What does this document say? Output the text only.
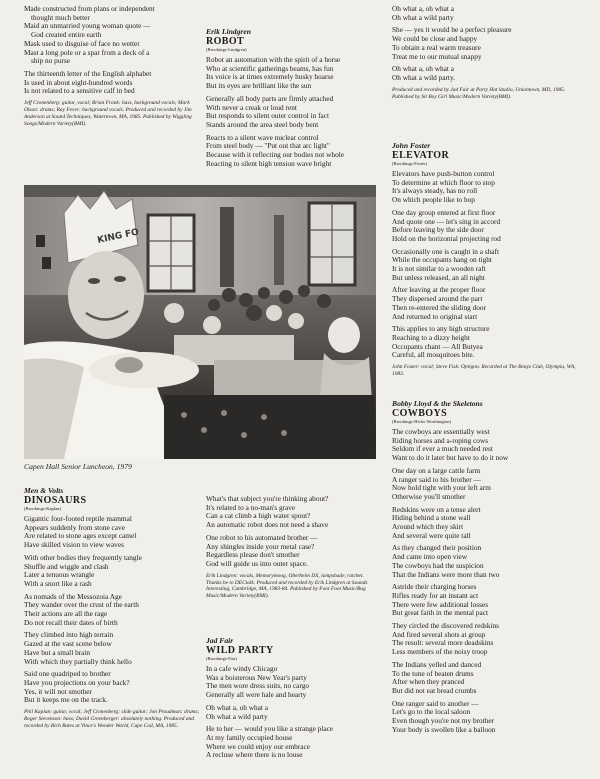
Made constructed from plans or independent
thought much better
Maid an unmarried young woman quote —
God created entire earth
Mask used to disguise of face no wetter
Mast a long pole or a spar from a deck of a
ship no purse
The thirteenth letter of the English alphabet
Is used in about eight-hundred words
Is not related to a sensitive calf in bed

Jeff Cronenberg: guitar, vocal; Brian Frank: bass, background vocals; Mark Olson: drums; Ray Fever: background vocals. Produced and recorded by Jim Anderson at Sound Techniques, Watertown, MA, 1985. Published by Wiggling Songs/Modern Variety(BMI).

Erik Lindgren

ROBOT

(Brookings-Lindgren)

Robot an automation with the spirit of a horse
Who at scientific gatherings beams, has fun
Its voice is at times extremely husky hoarse
But its eyes are brilliant like the sun
Generally all body parts are firmly attached
With never a creak or loud rent
But responds to silent outer control in fact
Stands around the area steel body bent
Reacts to a silent wave nuclear control
From steel body — "Put out that arc light"
Because with it reflecting our bodies not whole
Reacting to silent high tension wave bright
Oh what a, oh what a
Oh what a wild party
She — yes it would be a perfect pleasure
We could be close and happy
To obtain a real warm treasure
Treat me to our mutual snappy
Oh what a, oh what a
Oh what a wild party.

Produced and recorded by Jad Fair at Party Hat Studio, Uniontown, MD, 1985. Published by Sit Boy Girl Music/Modern Variety(BMI).

John Foster

ELEVATOR

(Brookings-Foster)

Elevators have push-button control
To determine at which floor to stop
It's always steady, has no roll
On which people like to hop
One day group entered at first floor
And quote one — let's sing in accord
Before leaving by the side door
Hold on the horizontal projecting rod
Occasionally one is caught in a shaft
While the occupants hang on tight
It is not similar to a wooden raft
But unless released, an all night
After leaving at the proper floor
They dispersed around the part
Then re-entered the sliding door
And returned to original start
This applies to any high structure
Reaching to a dizzy height
Occupants chant — All Butyea
Careful, all mosquitoes bite.

John Foster: vocal; Steve Fisk: Optigon. Recorded at The Beuyz Club, Olympia, WA, 1983.

Bobby Lloyd & the Skeletons

COWBOYS

(Brookings-Hicks-Worthington)

The cowboys are essentially west
Riding horses and a-roping cows
Seldom if ever a much needed rest
Want to do it later but have to do it now
One day on a large cattle farm
A ranger said to his brother —
Now hold tight with your left arm
Otherwise you'll smother
Redskins were on a tense alert
Hiding behind a stone wall
Around which they skirt
And several were quite tall
As they changed their position
And came into open view
The cowboys had the suspicion
That the Indians were more than two
Astride their charging horses
Rifles ready for an instant act
There were few additional losses
But great faith in the mental pact
They circled the discovered redskins
And fired several shots at group
The result: several more deadskins
Less members of the noisy troop
The Indians yelled and danced
To the tune of beaten drums
After when they pranced
But did not eat bread crumbs
One ranger said to another —
Let's go to the local saloon
Even though you're not my brother
Your body is swollen like a balloon
KING FO

Capen Hall Senior Luncheon, 1979

Men & Volts

DINOSAURS

(Brookings-Kaplan)

Gigantic four-footed reptile mammal
Appears suddenly from stone cave
Are related to stone ages except camel
Have skilled vision to view waves
With other bodies they frequently tangle
Shuffle and wiggle and clash
Later a tenuous wrangle
With a snort like a rash
As nomads of the Messozoia Age
They wander over the crust of the earth
Their actions are all the rage
Do not recall their dates of birth
They climbed into high terrain
Gazed at the vast scene below
Have but a small brain
With which they partially think hello
Said one quadriped to brother
Have you projections on your back?
Yes, it will not smother
But it keeps me on the track.

Phil Kaplan: guitar, vocal; Jeff Cronenberg: slide guitar; Jon Proudman: drums; Roger Stevenson: bass; David Greenberger: absolutely nothing. Produced and recorded by Rich Bates at Vince's Wonder World, Cape Cod, MA, 1985.

What's that subject you're thinking about?
It's related to a no-man's grave
Can a cat climb a high water spout?
An automatic robot does not need a shave
One robot to his automated brother —
Any shingles inside your metal case?
Regardless please don't smother
God will guide us into outer space.

Erik Lindgren: vocals, Memorymoog, Oberheim DX, lampshade, ratchet. Thanks be to DECtalk. Produced and recorded by Erik Lindgren at Sounds Interesting, Cambridge, MA, 1983-84. Published by Foot Foot Music/Bug Music/Modern Variety(BMI).

Jad Fair

WILD PARTY

(Brookings-Fair)

In a cafe windy Chicago
Was a boisterous New Year's party
The men wore dress suits, no cargo
Generally all were hale and hearty
Oh what a, oh what a
Oh what a wild party
He to her — would you like a strange place
At my family occupied house
Where we could enjoy our embrace
A recluse where there is no louse
